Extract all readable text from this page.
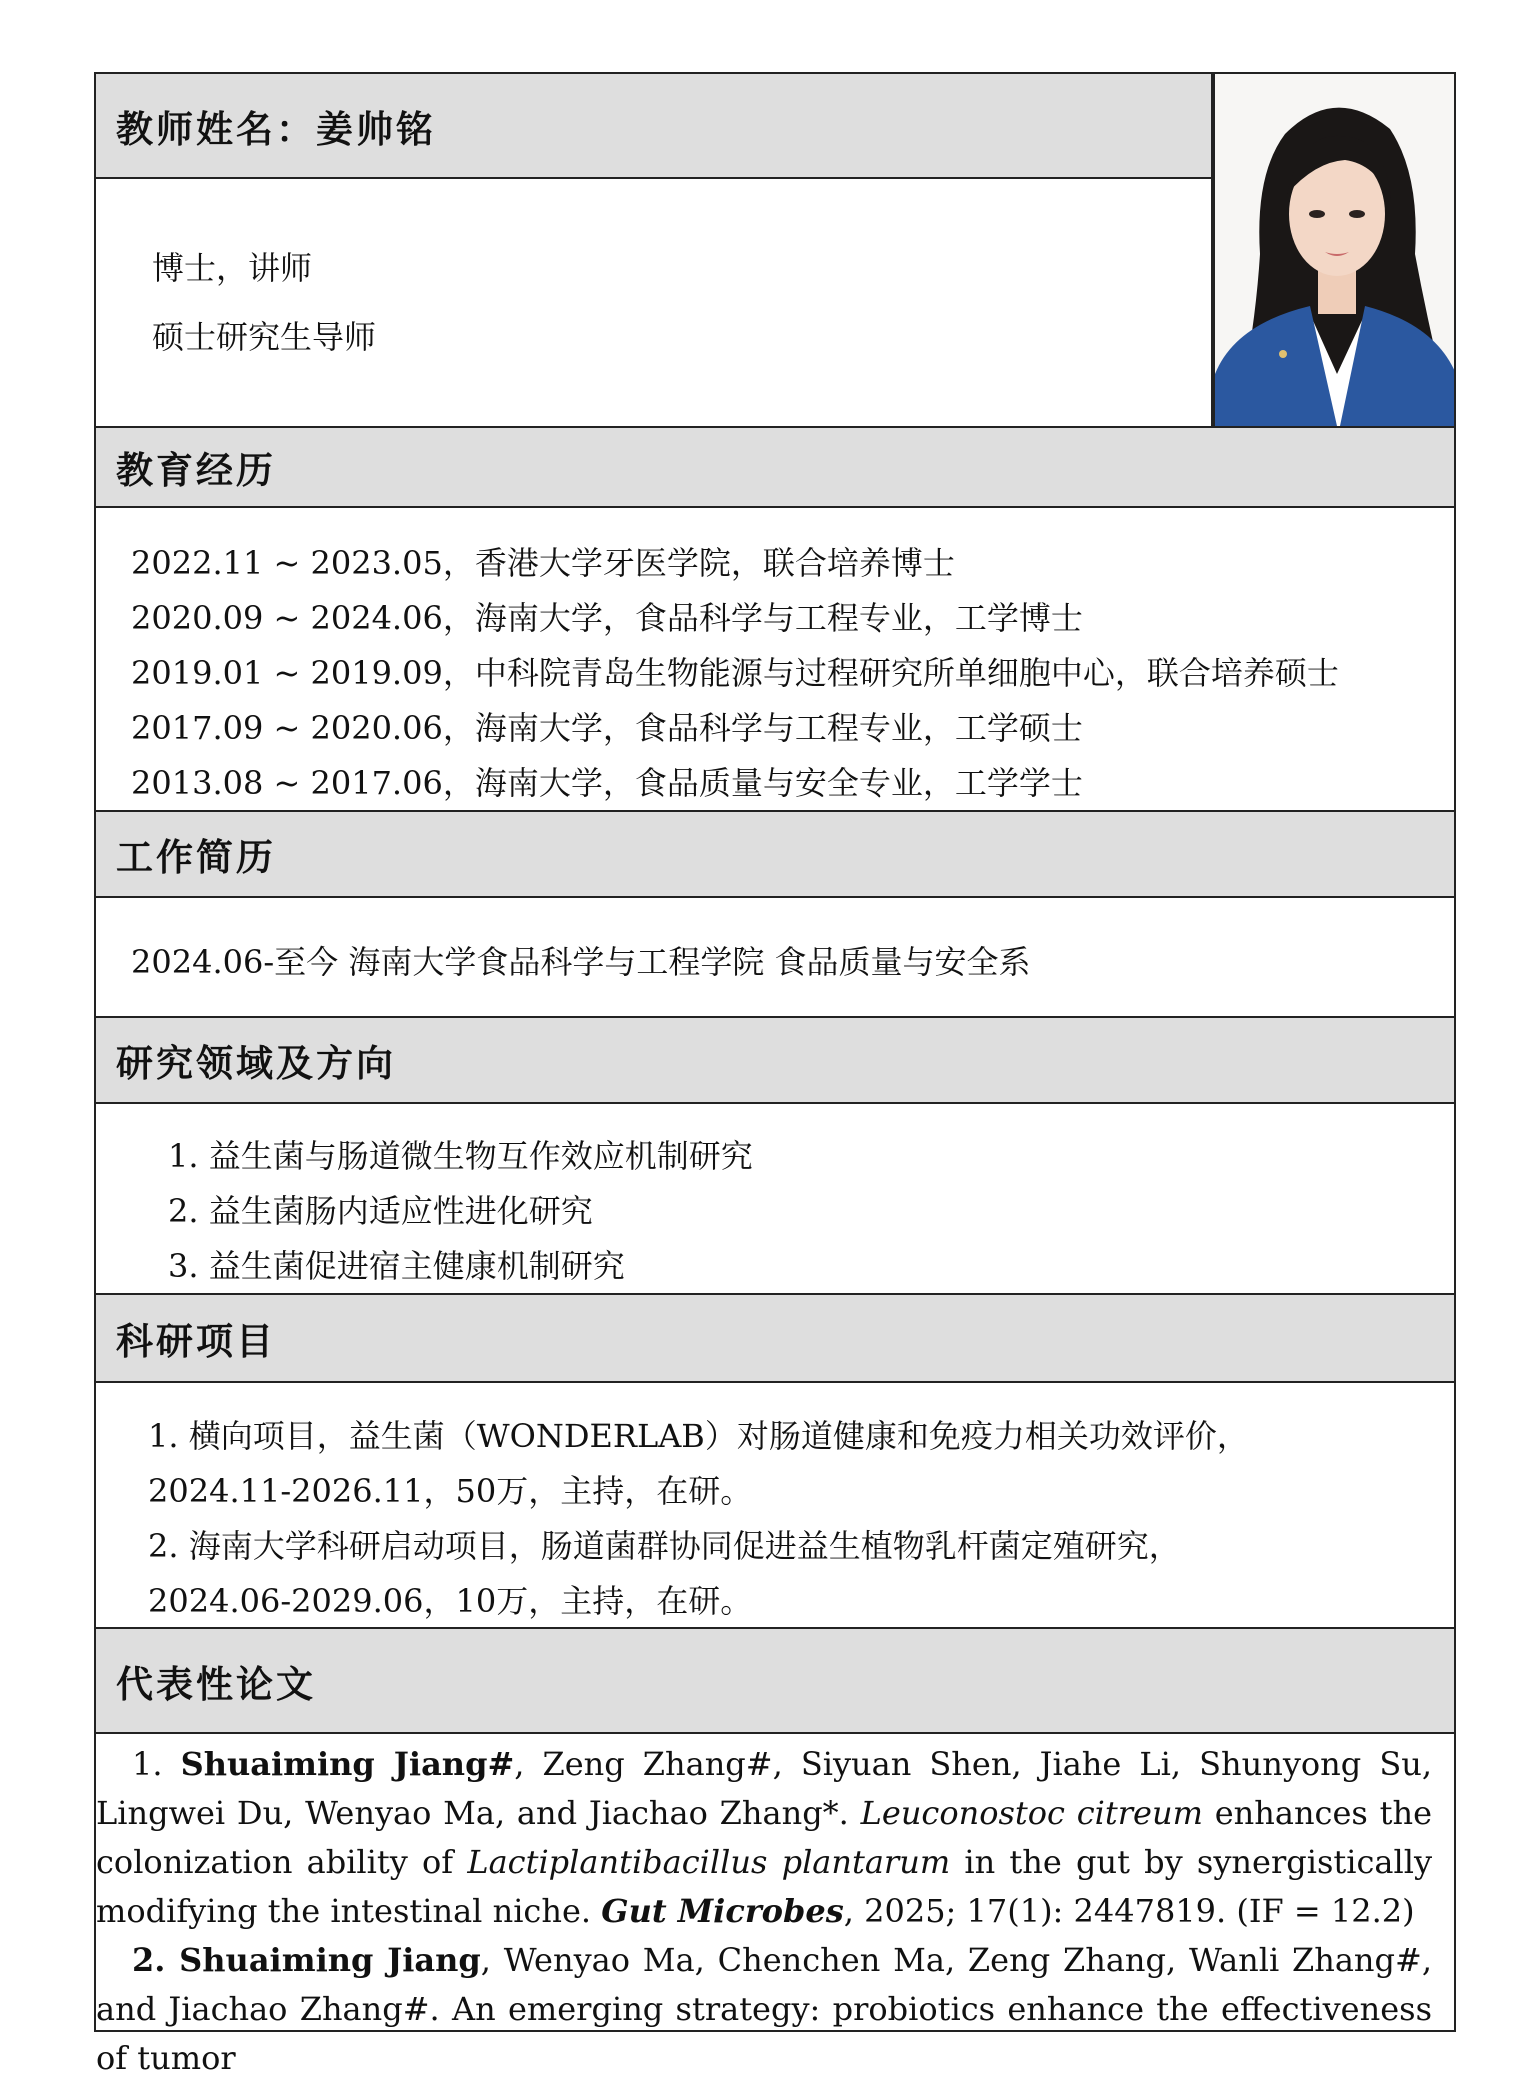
教师姓名： 姜帅铭
博士，讲师
硕士研究生导师
教育经历
2022.11 ~ 2023.05，香港大学牙医学院，联合培养博士
2020.09 ~ 2024.06，海南大学，食品科学与工程专业，工学博士
2019.01 ~ 2019.09，中科院青岛生物能源与过程研究所单细胞中心，联合培养硕士
2017.09 ~ 2020.06，海南大学，食品科学与工程专业，工学硕士
2013.08 ~ 2017.06，海南大学，食品质量与安全专业，工学学士
工作简历
2024.06-至今 海南大学食品科学与工程学院 食品质量与安全系
研究领域及方向
1. 益生菌与肠道微生物互作效应机制研究
2. 益生菌肠内适应性进化研究
3. 益生菌促进宿主健康机制研究
科研项目
1. 横向项目，益生菌（WONDERLAB）对肠道健康和免疫力相关功效评价，
2024.11-2026.11，50万，主持，在研。
2. 海南大学科研启动项目，肠道菌群协同促进益生植物乳杆菌定殖研究，
2024.06-2029.06，10万，主持，在研。
代表性论文

1. Shuaiming Jiang#, Zeng Zhang#, Siyuan Shen, Jiahe Li, Shunyong Su, Lingwei Du, Wenyao Ma, and Jiachao Zhang*. Leuconostoc citreum enhances the colonization ability of Lactiplantibacillus plantarum in the gut by synergistically modifying the intestinal niche. Gut Microbes, 2025; 17(1): 2447819. (IF = 12.2)

2. Shuaiming Jiang, Wenyao Ma, Chenchen Ma, Zeng Zhang, Wanli Zhang#, and Jiachao Zhang#. An emerging strategy: probiotics enhance the effectiveness of tumor
